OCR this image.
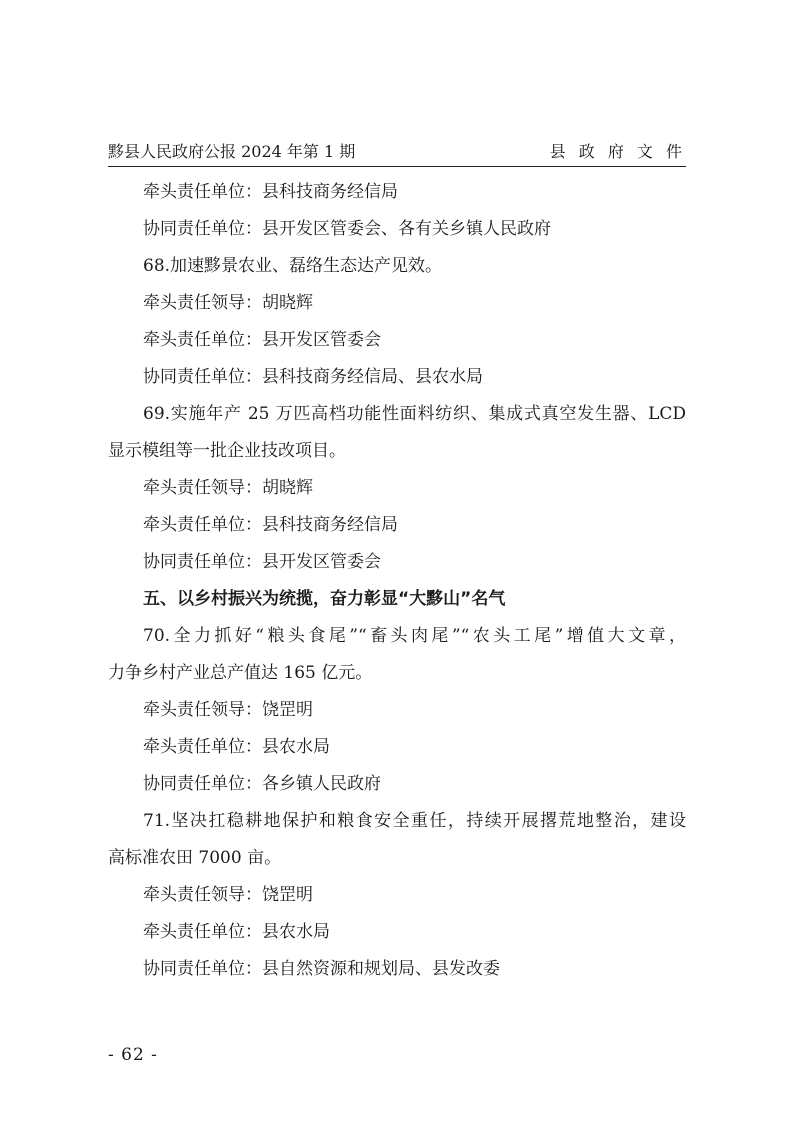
黟县人民政府公报 2024 年第 1 期	县 政 府 文 件
牵头责任单位：县科技商务经信局
协同责任单位：县开发区管委会、各有关乡镇人民政府
68.加速黟景农业、磊络生态达产见效。
牵头责任领导：胡晓辉
牵头责任单位：县开发区管委会
协同责任单位：县科技商务经信局、县农水局
69.实施年产 25 万匹高档功能性面料纺织、集成式真空发生器、LCD
显示模组等一批企业技改项目。
牵头责任领导：胡晓辉
牵头责任单位：县科技商务经信局
协同责任单位：县开发区管委会
五、以乡村振兴为统揽，奋力彰显“大黟山”名气
70.全力抓好“粮头食尾”“畜头肉尾”“农头工尾”增值大文章，
力争乡村产业总产值达 165 亿元。
牵头责任领导：饶罡明
牵头责任单位：县农水局
协同责任单位：各乡镇人民政府
71.坚决扛稳耕地保护和粮食安全重任，持续开展撂荒地整治，建设
高标准农田 7000 亩。
牵头责任领导：饶罡明
牵头责任单位：县农水局
协同责任单位：县自然资源和规划局、县发改委
- 62 -
